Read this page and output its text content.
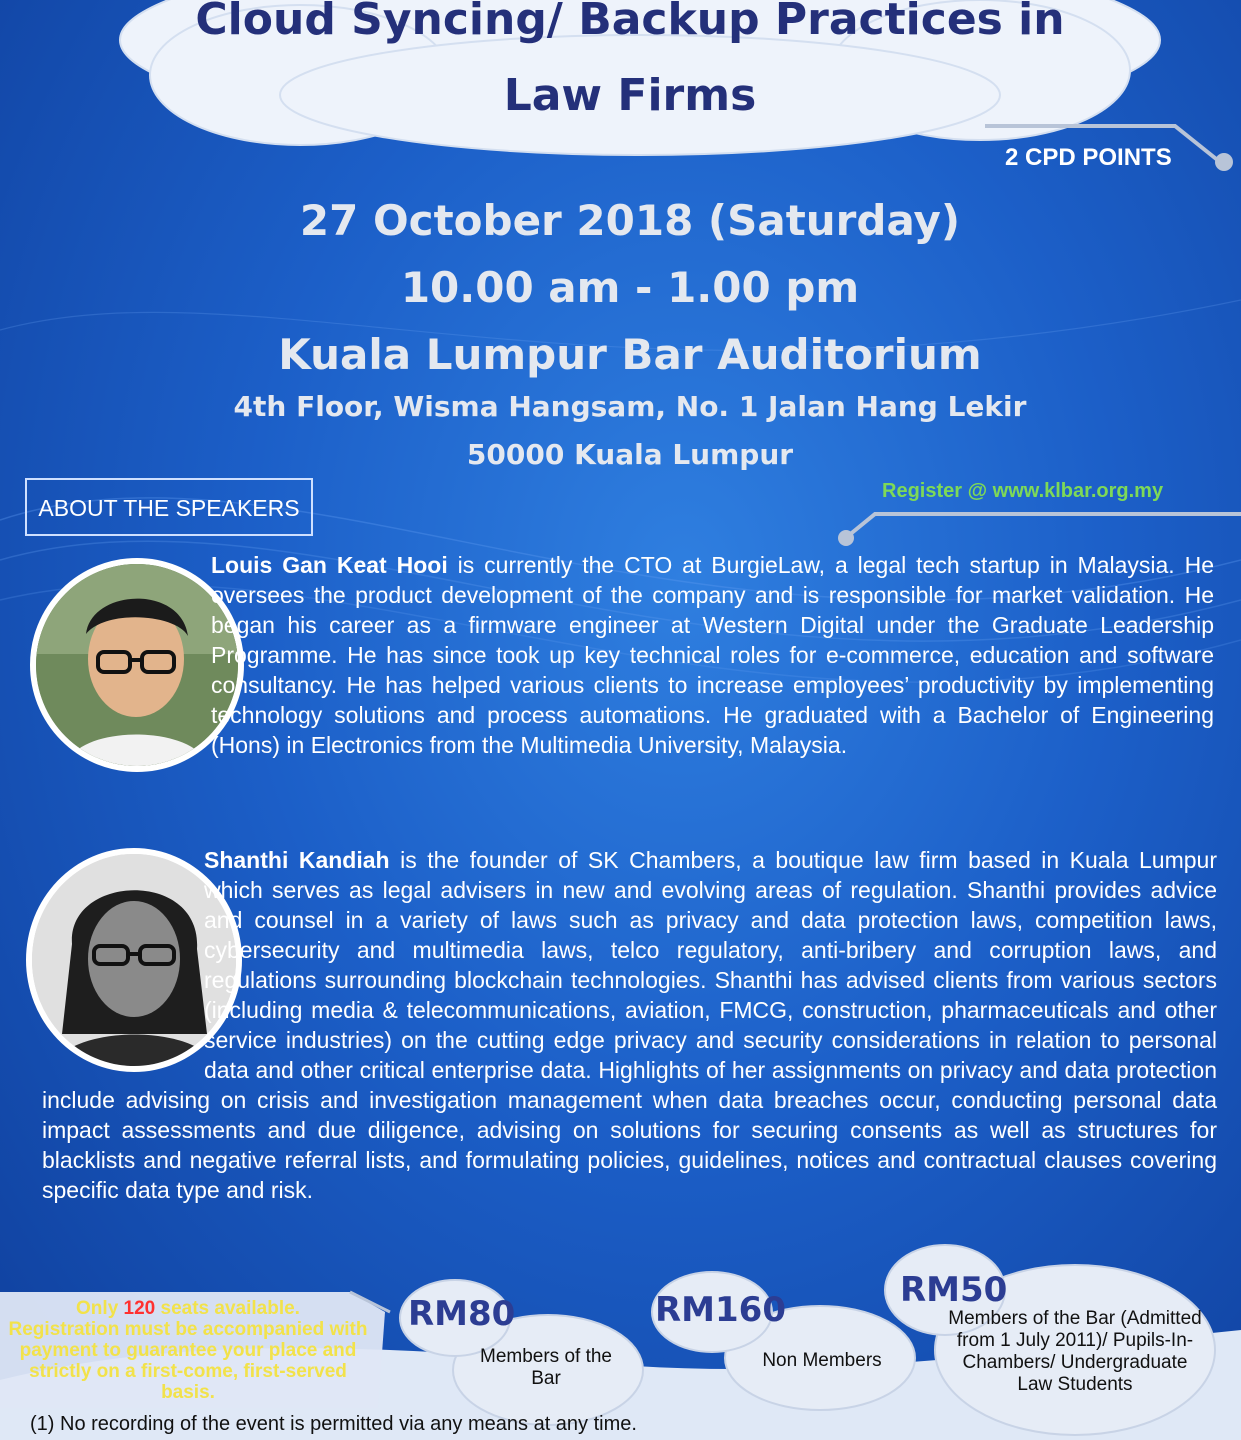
Cloud Syncing/ Backup Practices in
Law Firms
2 CPD POINTS
27 October 2018 (Saturday)
10.00 am - 1.00 pm
Kuala Lumpur Bar Auditorium
4th Floor, Wisma Hangsam, No. 1 Jalan Hang Lekir
50000 Kuala Lumpur
ABOUT THE SPEAKERS
Register @ www.klbar.org.my
Louis Gan Keat Hooi is currently the CTO at BurgieLaw, a legal tech startup in Malaysia. He oversees the product development of the company and is responsible for market validation. He began his career as a firmware engineer at Western Digital under the Graduate Leadership Programme. He has since took up key technical roles for e-commerce, education and software consultancy. He has helped various clients to increase employees’ productivity by implementing technology solutions and process automations. He graduated with a Bachelor of Engineering (Hons) in Electronics from the Multimedia University, Malaysia.
Shanthi Kandiah is the founder of SK Chambers, a boutique law firm based in Kuala Lumpur which serves as legal advisers in new and evolving areas of regulation. Shanthi provides advice and counsel in a variety of laws such as privacy and data protection laws, competition laws, cybersecurity and multimedia laws, telco regulatory, anti-bribery and corruption laws, and regulations surrounding blockchain technologies. Shanthi has advised clients from various sectors (including media & telecommunications, aviation, FMCG, construction, pharmaceuticals and other service industries) on the cutting edge privacy and security considerations in relation to personal data and other critical enterprise data. Highlights of her assignments on privacy and data protection include advising on crisis and investigation management when data breaches occur, conducting personal data impact assessments and due diligence, advising on solutions for securing consents as well as structures for blacklists and negative referral lists, and formulating policies, guidelines, notices and contractual clauses covering specific data type and risk.
Only 120 seats available.
Registration must be accompanied with payment to guarantee your place and strictly on a first-come, first-served basis.
RM80
Members of the Bar
RM160
Non Members
RM50
Members of the Bar (Admitted from 1 July 2011)/ Pupils-In-Chambers/ Undergraduate Law Students
(1) No recording of the event is permitted via any means at any time.
